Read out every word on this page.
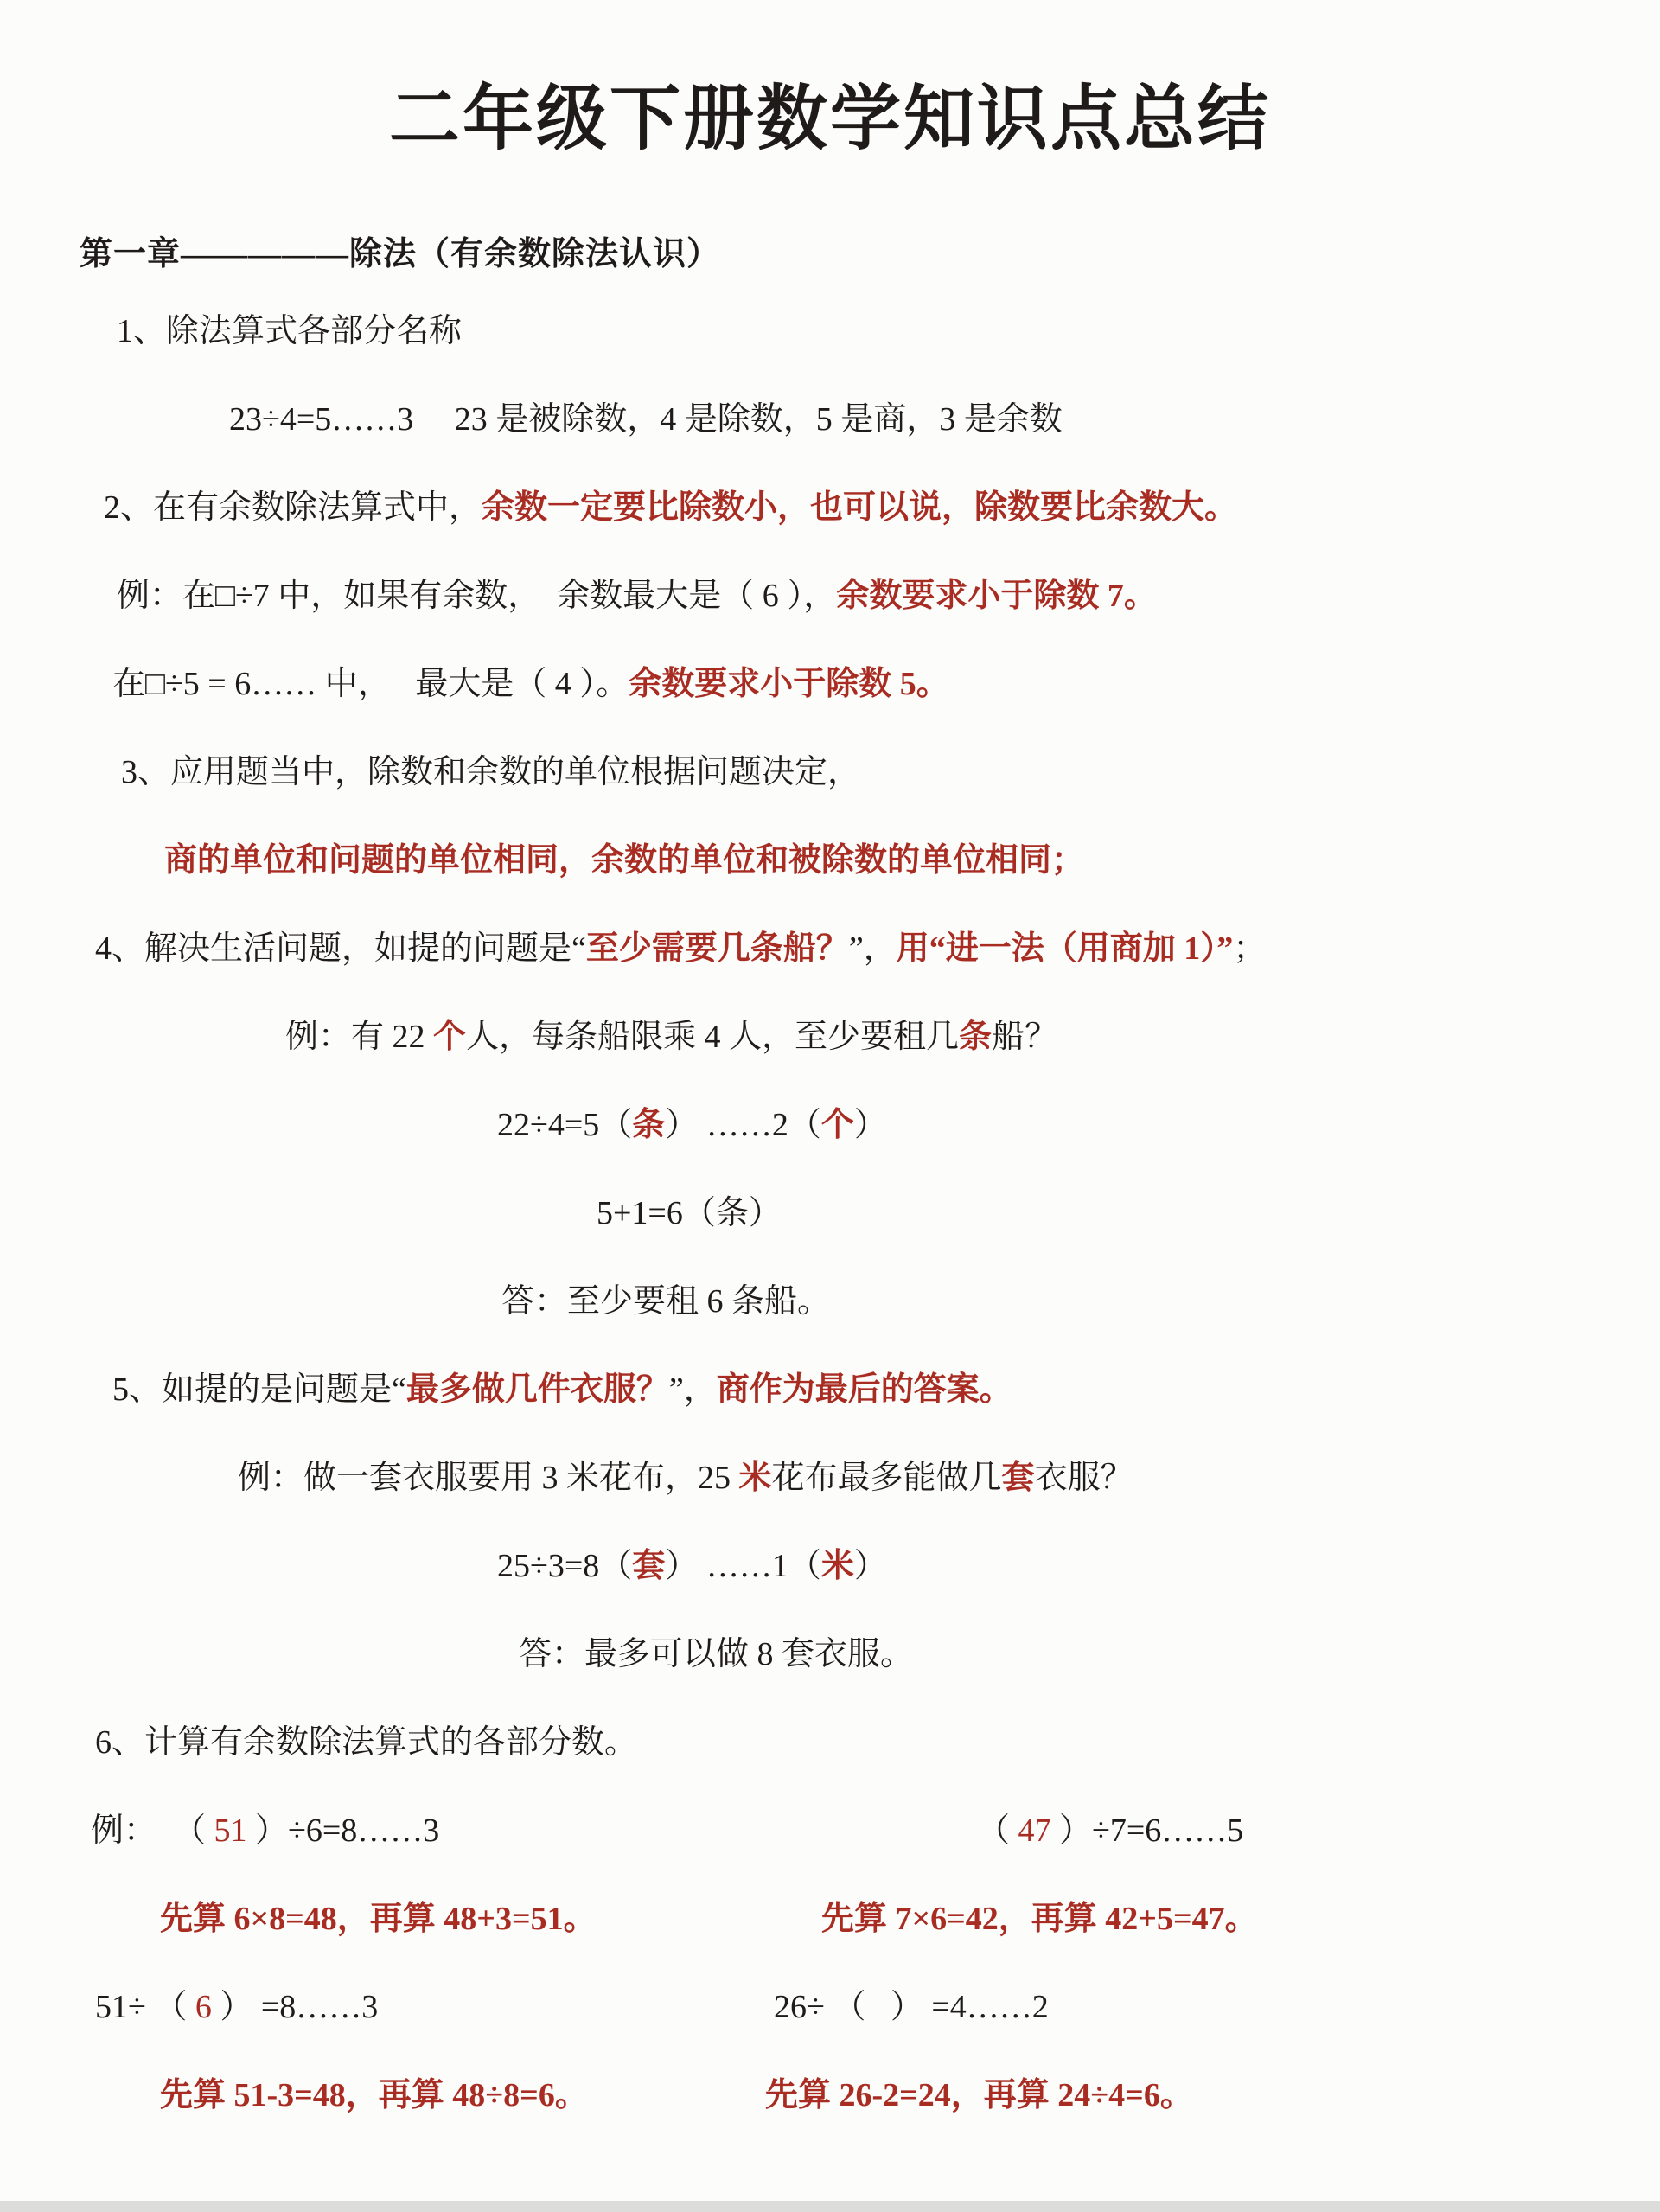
二年级下册数学知识点总结
第一章—————除法（有余数除法认识）
1、除法算式各部分名称
23÷4=5……3     23 是被除数，4 是除数，5 是商，3 是余数
2、在有余数除法算式中，余数一定要比除数小，也可以说，除数要比余数大。
例：在□÷7 中，如果有余数，  余数最大是（ 6 ），余数要求小于除数 7。
在□÷5 = 6…… 中，   最大是（ 4 ）。余数要求小于除数 5。
3、应用题当中，除数和余数的单位根据问题决定，
商的单位和问题的单位相同，余数的单位和被除数的单位相同；
4、解决生活问题，如提的问题是“至少需要几条船？”，用“进一法（用商加 1）”；
例：有 22 个人，每条船限乘 4 人，至少要租几条船？
22÷4=5（条） ……2（个）
5+1=6（条）
答：至少要租 6 条船。
5、如提的是问题是“最多做几件衣服？”，商作为最后的答案。
例：做一套衣服要用 3 米花布，25 米花布最多能做几套衣服？
25÷3=8（套） ……1（米）
答：最多可以做 8 套衣服。
6、计算有余数除法算式的各部分数。
例：  （ 51 ）÷6=8……3	（ 47 ）÷7=6……5
先算 6×8=48，再算 48+3=51。	先算 7×6=42，再算 42+5=47。
51÷ （ 6 ） =8……3	26÷ （   ） =4……2
先算 51-3=48，再算 48÷8=6。	先算 26-2=24，再算 24÷4=6。
